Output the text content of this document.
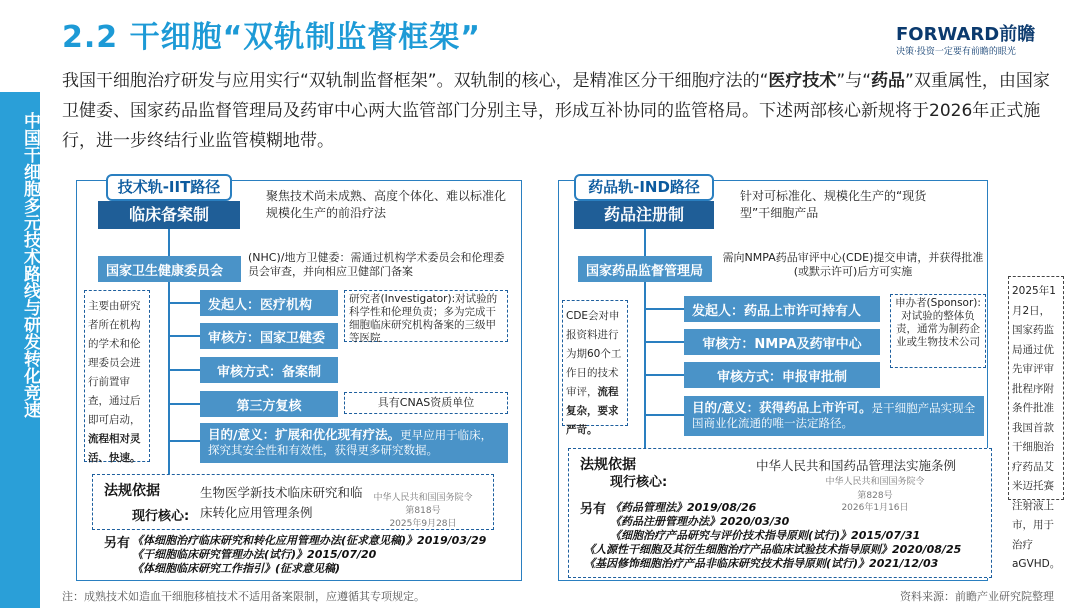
中国干细胞多元技术路线与研发转化竞速
2.2 干细胞“双轨制监督框架”	FORWARD前瞻
决策·投资一定要有前瞻的眼光
我国干细胞治疗研发与应用实行“双轨制监督框架”。双轨制的核心，是精准区分干细胞疗法的“医疗技术”与“药品”双重属性，由国家卫健委、国家药品监督管理局及药审中心两大监管部门分别主导，形成互补协同的监管格局。下述两部核心新规将于2026年正式施行，进一步终结行业监管模糊地带。
技术轨-IIT路径
临床备案制
聚焦技术尚未成熟、高度个体化、难以标准化规模化生产的前沿疗法
国家卫生健康委员会
(NHC)/地方卫健委：需通过机构学术委员会和伦理委员会审查，并向相应卫健部门备案
主要由研究者所在机构的学术和伦理委员会进行前置审查，通过后即可启动，流程相对灵活、快速。
发起人：医疗机构	研究者(Investigator):对试验的科学性和伦理负责；多为完成干细胞临床研究机构备案的三级甲等医院
审核方：国家卫健委
审核方式：备案制
第三方复核	具有CNAS资质单位
目的/意义：扩展和优化现有疗法。更早应用于临床，探究其安全性和有效性，获得更多研究数据。
法规依据
现行核心:
生物医学新技术临床研究和临床转化应用管理条例
中华人民共和国国务院令
第818号
2025年9月28日
另有 《体细胞治疗临床研究和转化应用管理办法(征求意见稿)》2019/03/29
《干细胞临床研究管理办法(试行)》2015/07/20
《体细胞临床研究工作指引》(征求意见稿)
药品轨-IND路径
药品注册制
针对可标准化、规模化生产的“现货型”干细胞产品
国家药品监督管理局
需向NMPA药品审评中心(CDE)提交申请，并获得批准(或默示许可)后方可实施
CDE会对申报资料进行为期60个工作日的技术审评，流程复杂，要求严苛。
发起人：药品上市许可持有人
申办者(Sponsor):对试验的整体负责，通常为制药企业或生物技术公司
审核方：NMPA及药审中心
审核方式：申报审批制
目的/意义：获得药品上市许可。是干细胞产品实现全国商业化流通的唯一法定路径。
2025年1月2日，国家药监局通过优先审评审批程序附条件批准我国首款干细胞治疗药品艾米迈托赛注射液上市，用于治疗aGVHD。
法规依据
现行核心:
中华人民共和国药品管理法实施条例
中华人民共和国国务院令
第828号
2026年1月16日
另有 《药品管理法》2019/08/26
《药品注册管理办法》2020/03/30
《细胞治疗产品研究与评价技术指导原则(试行)》2015/07/31
《人源性干细胞及其衍生细胞治疗产品临床试验技术指导原则》2020/08/25
《基因修饰细胞治疗产品非临床研究技术指导原则(试行)》2021/12/03
注：成熟技术如造血干细胞移植技术不适用备案限制，应遵循其专项规定。	资料来源：前瞻产业研究院整理
